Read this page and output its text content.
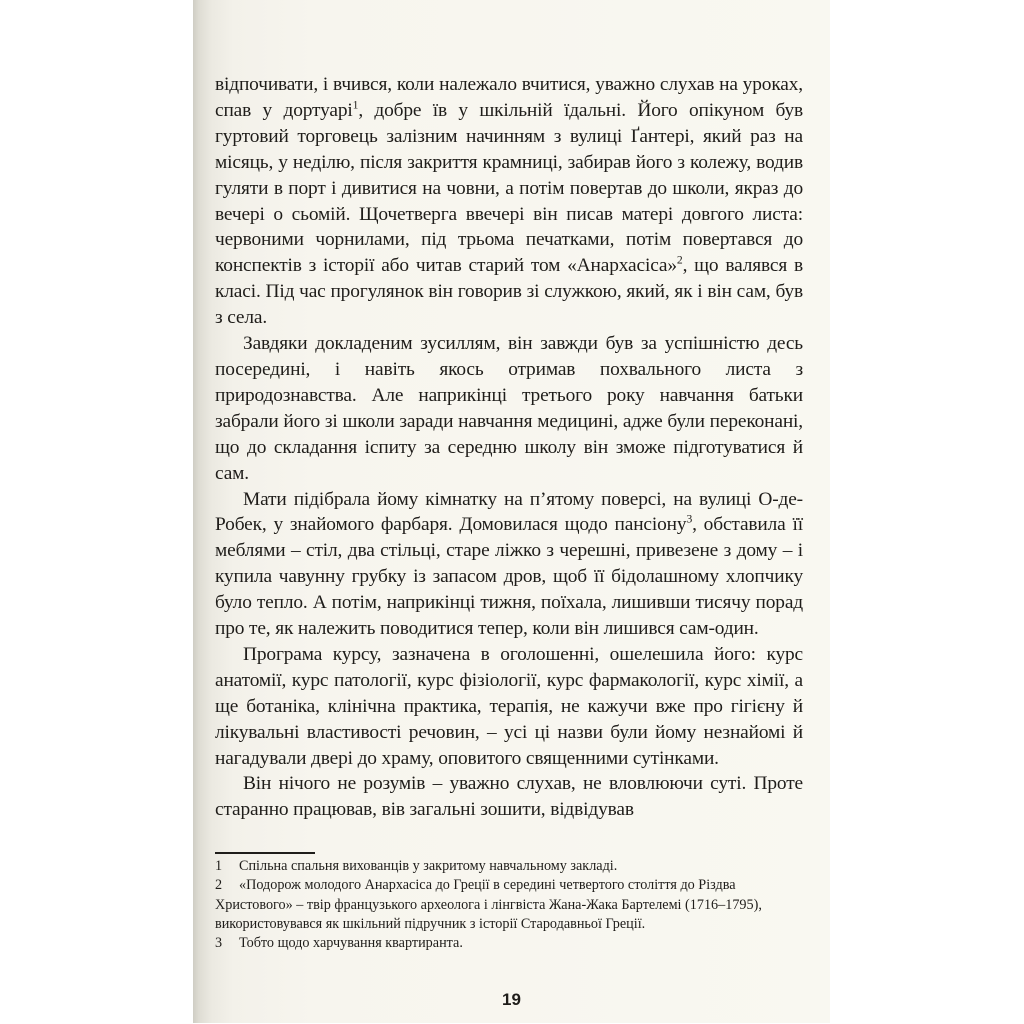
відпочивати, і вчився, коли належало вчитися, уважно слухав на уроках, спав у дортуарі$^1$, добре їв у шкільній їдальні. Його опікуном був гуртовий торговець залізним начинням з вулиці Ґантері, який раз на місяць, у неділю, після закриття крамниці, забирав його з колежу, водив гуляти в порт і дивитися на човни, а потім повертав до школи, якраз до вечері о сьомій. Щочетверга ввечері він писав матері довгого листа: червоними чорнилами, під трьома печатками, потім повертався до конспектів з історії або читав старий том «Анархасіса»$^2$, що валявся в класі. Під час прогулянок він говорив зі служкою, який, як і він сам, був з села.

Завдяки докладеним зусиллям, він завжди був за успішністю десь посередині, і навіть якось отримав похвального листа з природознавства. Але наприкінці третього року навчання батьки забрали його зі школи заради навчання медицині, адже були переконані, що до складання іспиту за середню школу він зможе підготуватися й сам.

Мати підібрала йому кімнатку на п’ятому поверсі, на вулиці О-де-Робек, у знайомого фарбаря. Домовилася щодо пансіону$^3$, обставила її меблями – стіл, два стільці, старе ліжко з черешні, привезене з дому – і купила чавунну грубку із запасом дров, щоб її бідолашному хлопчику було тепло. А потім, наприкінці тижня, поїхала, лишивши тисячу порад про те, як належить поводитися тепер, коли він лишився сам-один.

Програма курсу, зазначена в оголошенні, ошелешила його: курс анатомії, курс патології, курс фізіології, курс фармакології, курс хімії, а ще ботаніка, клінічна практика, терапія, не кажучи вже про гігієну й лікувальні властивості речовин, – усі ці назви були йому незнайомі й нагадували двері до храму, оповитого священними сутінками.

Він нічого не розумів – уважно слухав, не вловлюючи суті. Проте старанно працював, вів загальні зошити, відвідував

1 Спільна спальня вихованців у закритому навчальному закладі.

2 «Подорож молодого Анархасіса до Греції в середині четвертого століття до Різдва Христового» – твір французького археолога і лінгвіста Жана-Жака Бартелемі (1716–1795), використовувався як шкільний підручник з історії Стародавньої Греції.

3 Тобто щодо харчування квартиранта.

19
